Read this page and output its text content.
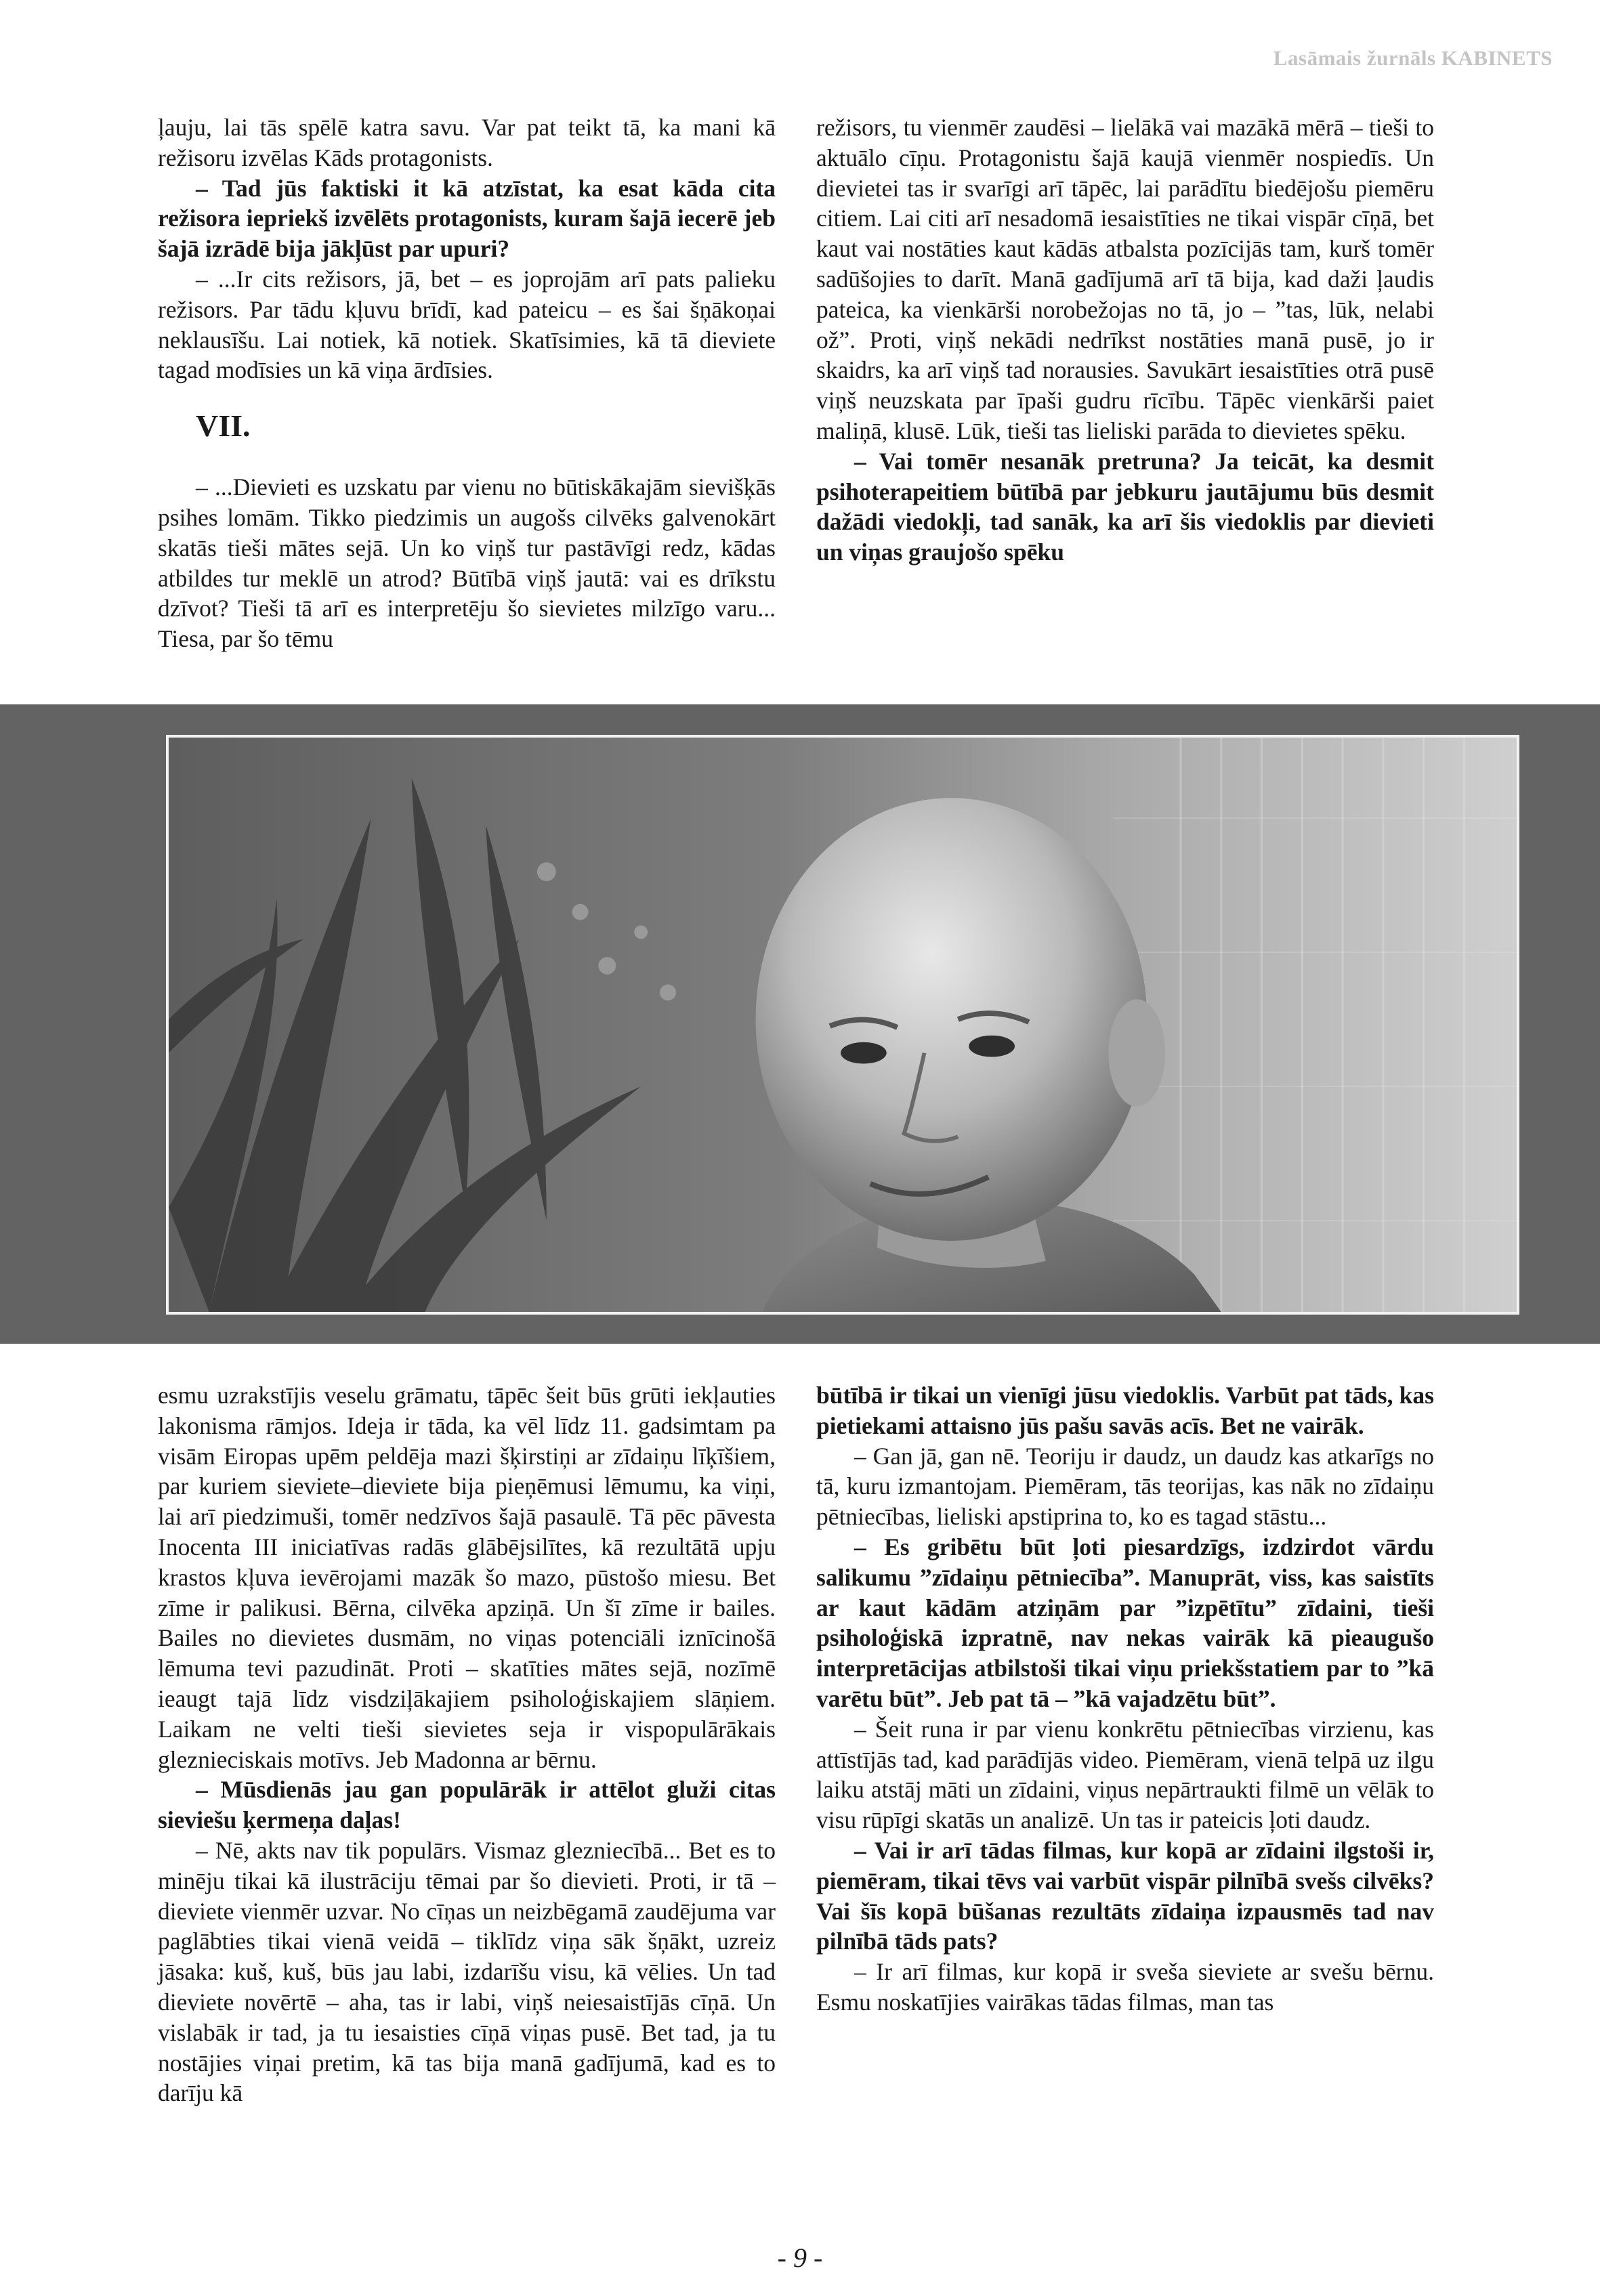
Lasāmais žurnāls KABINETS

ļauju, lai tās spēlē katra savu. Var pat teikt tā, ka mani kā režisoru izvēlas Kāds protagonists.

– Tad jūs faktiski it kā atzīstat, ka esat kāda cita režisora iepriekš izvēlēts protagonists, kuram šajā iecerē jeb šajā izrādē bija jākļūst par upuri?

– ...Ir cits režisors, jā, bet – es joprojām arī pats palieku režisors. Par tādu kļuvu brīdī, kad pateicu – es šai šņākoņai neklausīšu. Lai notiek, kā notiek. Skatīsimies, kā tā dieviete tagad modīsies un kā viņa ārdīsies.

VII.

– ...Dievieti es uzskatu par vienu no būtiskākajām sievišķās psihes lomām. Tikko piedzimis un augošs cilvēks galvenokārt skatās tieši mātes sejā. Un ko viņš tur pastāvīgi redz, kādas atbildes tur meklē un atrod? Būtībā viņš jautā: vai es drīkstu dzīvot? Tieši tā arī es interpretēju šo sievietes milzīgo varu... Tiesa, par šo tēmu

režisors, tu vienmēr zaudēsi – lielākā vai mazākā mērā – tieši to aktuālo cīņu. Protagonistu šajā kaujā vienmēr nospiedīs. Un dievietei tas ir svarīgi arī tāpēc, lai parādītu biedējošu piemēru citiem. Lai citi arī nesadomā iesaistīties ne tikai vispār cīņā, bet kaut vai nostāties kaut kādās atbalsta pozīcijās tam, kurš tomēr sadūšojies to darīt. Manā gadījumā arī tā bija, kad daži ļaudis pateica, ka vienkārši norobežojas no tā, jo – ”tas, lūk, nelabi ož”. Proti, viņš nekādi nedrīkst nostāties manā pusē, jo ir skaidrs, ka arī viņš tad norausies. Savukārt iesaistīties otrā pusē viņš neuzskata par īpaši gudru rīcību. Tāpēc vienkārši paiet maliņā, klusē. Lūk, tieši tas lieliski parāda to dievietes spēku.

– Vai tomēr nesanāk pretruna? Ja teicāt, ka desmit psihoterapeitiem būtībā par jebkuru jautājumu būs desmit dažādi viedokļi, tad sanāk, ka arī šis viedoklis par dievieti un viņas graujošo spēku

esmu uzrakstījis veselu grāmatu, tāpēc šeit būs grūti iekļauties lakonisma rāmjos. Ideja ir tāda, ka vēl līdz 11. gadsimtam pa visām Eiropas upēm peldēja mazi šķirstiņi ar zīdaiņu līķīšiem, par kuriem sieviete–dieviete bija pieņēmusi lēmumu, ka viņi, lai arī piedzimuši, tomēr nedzīvos šajā pasaulē. Tā pēc pāvesta Inocenta III iniciatīvas radās glābējsilītes, kā rezultātā upju krastos kļuva ievērojami mazāk šo mazo, pūstošo miesu. Bet zīme ir palikusi. Bērna, cilvēka apziņā. Un šī zīme ir bailes. Bailes no dievietes dusmām, no viņas potenciāli iznīcinošā lēmuma tevi pazudināt. Proti – skatīties mātes sejā, nozīmē ieaugt tajā līdz visdziļākajiem psiholoģiskajiem slāņiem. Laikam ne velti tieši sievietes seja ir vispopulārākais gleznieciskais motīvs. Jeb Madonna ar bērnu.

– Mūsdienās jau gan populārāk ir attēlot gluži citas sieviešu ķermeņa daļas!

– Nē, akts nav tik populārs. Vismaz glezniecībā... Bet es to minēju tikai kā ilustrāciju tēmai par šo dievieti. Proti, ir tā – dieviete vienmēr uzvar. No cīņas un neizbēgamā zaudējuma var paglābties tikai vienā veidā – tiklīdz viņa sāk šņākt, uzreiz jāsaka: kuš, kuš, būs jau labi, izdarīšu visu, kā vēlies. Un tad dieviete novērtē – aha, tas ir labi, viņš neiesaistījās cīņā. Un vislabāk ir tad, ja tu iesaisties cīņā viņas pusē. Bet tad, ja tu nostājies viņai pretim, kā tas bija manā gadījumā, kad es to darīju kā

būtībā ir tikai un vienīgi jūsu viedoklis. Varbūt pat tāds, kas pietiekami attaisno jūs pašu savās acīs. Bet ne vairāk.

– Gan jā, gan nē. Teoriju ir daudz, un daudz kas atkarīgs no tā, kuru izmantojam. Piemēram, tās teorijas, kas nāk no zīdaiņu pētniecības, lieliski apstiprina to, ko es tagad stāstu...

– Es gribētu būt ļoti piesardzīgs, izdzirdot vārdu salikumu ”zīdaiņu pētniecība”. Manuprāt, viss, kas saistīts ar kaut kādām atziņām par ”izpētītu” zīdaini, tieši psiholoģiskā izpratnē, nav nekas vairāk kā pieaugušo interpretācijas atbilstoši tikai viņu priekšstatiem par to ”kā varētu būt”. Jeb pat tā – ”kā vajadzētu būt”.

– Šeit runa ir par vienu konkrētu pētniecības virzienu, kas attīstījās tad, kad parādījās video. Piemēram, vienā telpā uz ilgu laiku atstāj māti un zīdaini, viņus nepārtraukti filmē un vēlāk to visu rūpīgi skatās un analizē. Un tas ir pateicis ļoti daudz.

– Vai ir arī tādas filmas, kur kopā ar zīdaini ilgstoši ir, piemēram, tikai tēvs vai varbūt vispār pilnībā svešs cilvēks? Vai šīs kopā būšanas rezultāts zīdaiņa izpausmēs tad nav pilnībā tāds pats?

– Ir arī filmas, kur kopā ir sveša sieviete ar svešu bērnu. Esmu noskatījies vairākas tādas filmas, man tas

- 9 -
